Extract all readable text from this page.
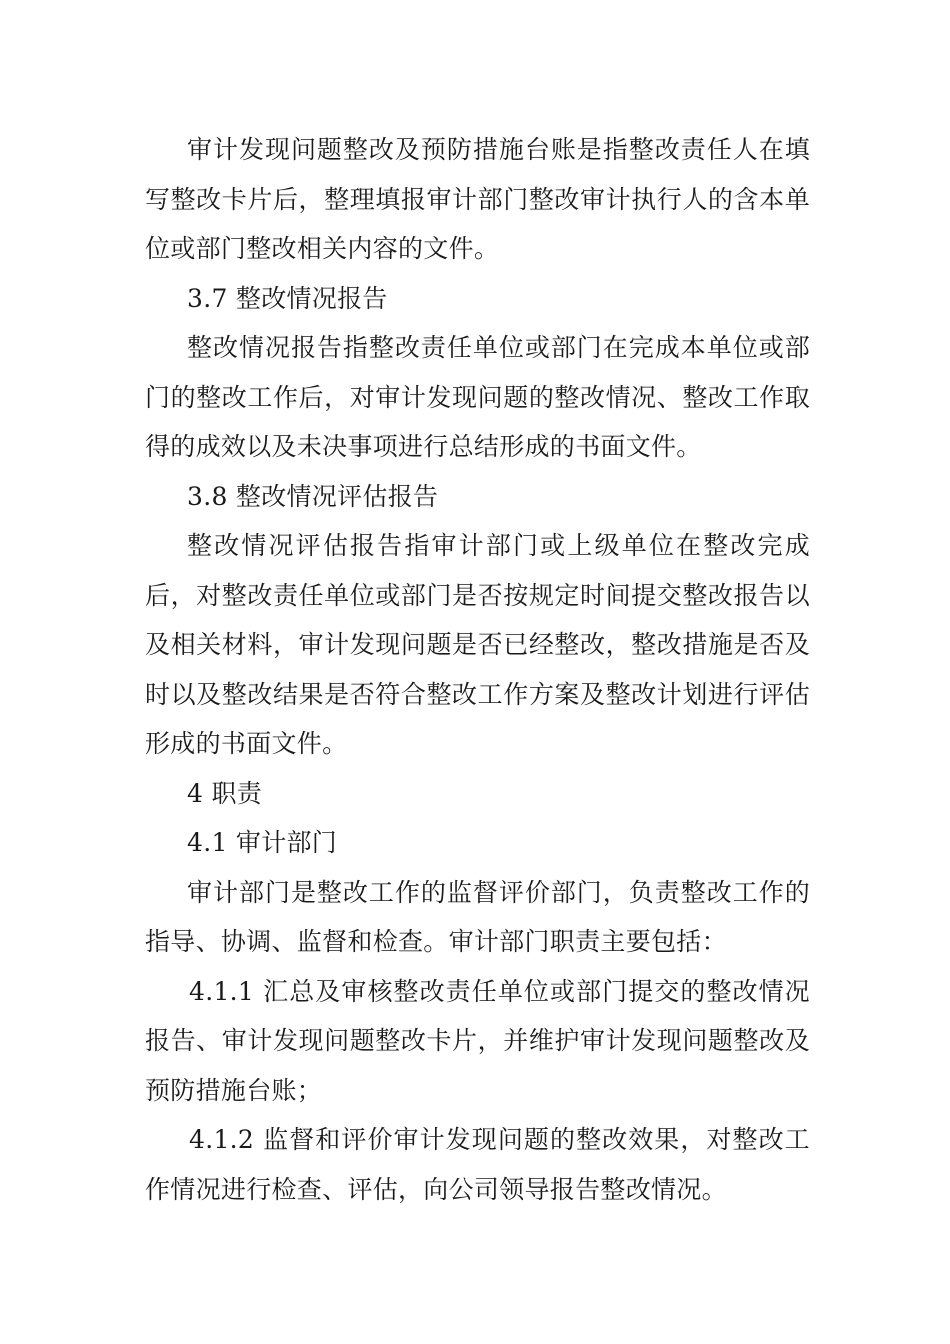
审计发现问题整改及预防措施台账是指整改责任人在填写整改卡片后，整理填报审计部门整改审计执行人的含本单位或部门整改相关内容的文件。

3.7 整改情况报告

整改情况报告指整改责任单位或部门在完成本单位或部门的整改工作后，对审计发现问题的整改情况、整改工作取得的成效以及未决事项进行总结形成的书面文件。

3.8 整改情况评估报告

整改情况评估报告指审计部门或上级单位在整改完成后，对整改责任单位或部门是否按规定时间提交整改报告以及相关材料，审计发现问题是否已经整改，整改措施是否及时以及整改结果是否符合整改工作方案及整改计划进行评估形成的书面文件。

4 职责

4.1 审计部门

审计部门是整改工作的监督评价部门，负责整改工作的指导、协调、监督和检查。审计部门职责主要包括：

4.1.1 汇总及审核整改责任单位或部门提交的整改情况报告、审计发现问题整改卡片，并维护审计发现问题整改及预防措施台账；

4.1.2 监督和评价审计发现问题的整改效果，对整改工作情况进行检查、评估，向公司领导报告整改情况。
